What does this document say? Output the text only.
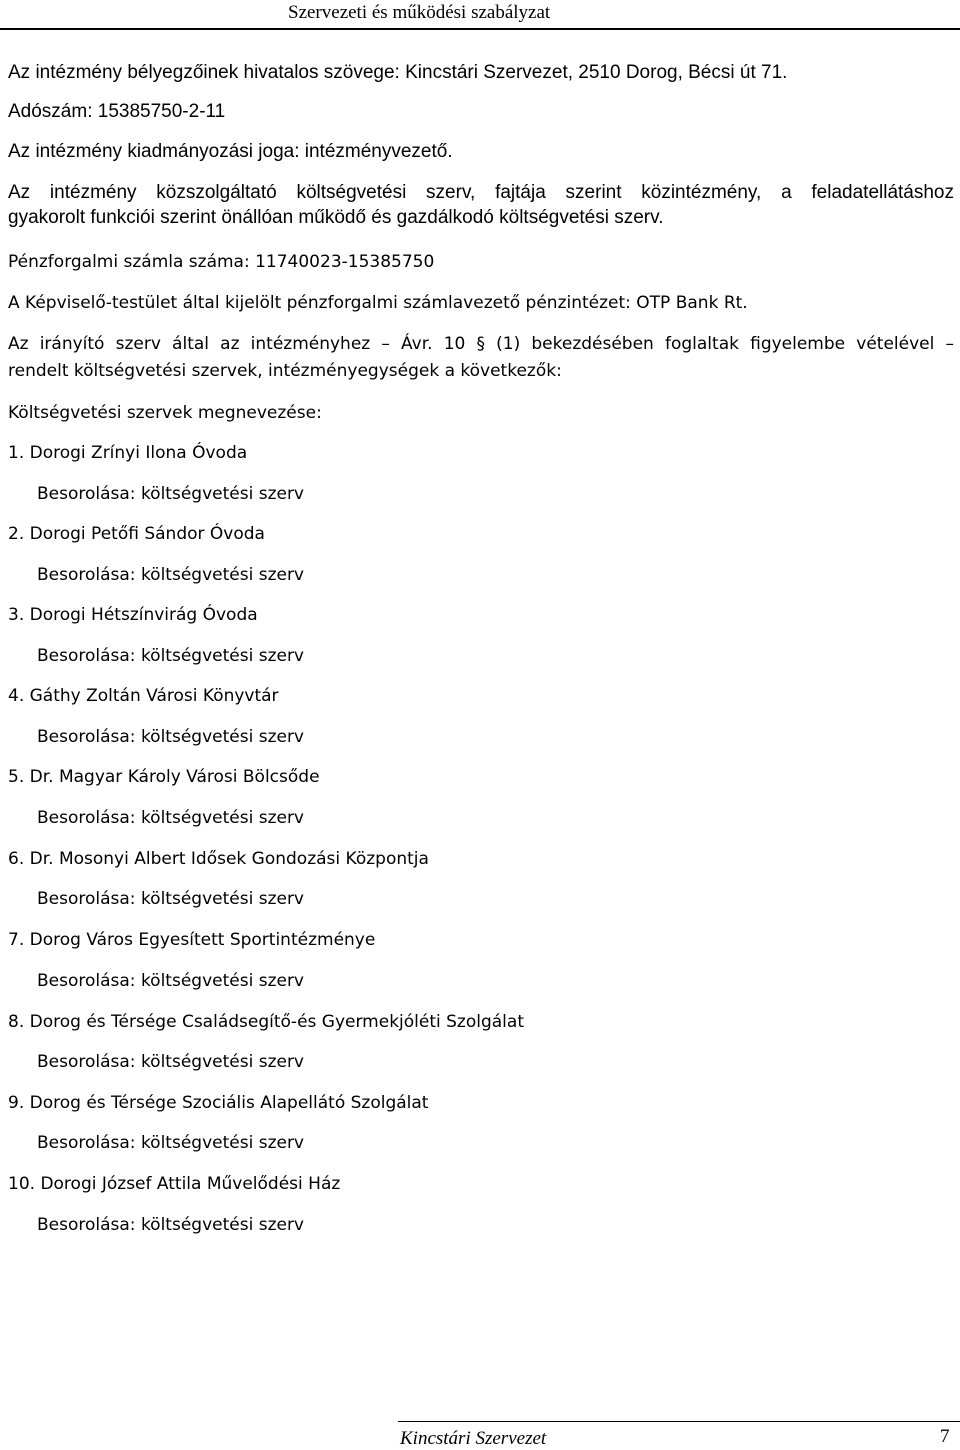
Szervezeti és működési szabályzat
Az intézmény bélyegzőinek hivatalos szövege: Kincstári Szervezet, 2510 Dorog, Bécsi út 71.
Adószám: 15385750-2-11
Az intézmény kiadmányozási joga: intézményvezető.
Az intézmény közszolgáltató költségvetési szerv, fajtája szerint közintézmény, a feladatellátáshoz
gyakorolt funkciói szerint önállóan működő és gazdálkodó költségvetési szerv.
Pénzforgalmi számla száma: 11740023-15385750
A Képviselő-testület által kijelölt pénzforgalmi számlavezető pénzintézet: OTP Bank Rt.
Az irányító szerv által az intézményhez – Ávr. 10 § (1) bekezdésében foglaltak figyelembe vételével –
rendelt költségvetési szervek, intézményegységek a következők:
Költségvetési szervek megnevezése:
1. Dorogi Zrínyi Ilona Óvoda
Besorolása: költségvetési szerv
2. Dorogi Petőfi Sándor Óvoda
Besorolása: költségvetési szerv
3. Dorogi Hétszínvirág Óvoda
Besorolása: költségvetési szerv
4. Gáthy Zoltán Városi Könyvtár
Besorolása: költségvetési szerv
5. Dr. Magyar Károly Városi Bölcsőde
Besorolása: költségvetési szerv
6. Dr. Mosonyi Albert Idősek Gondozási Központja
Besorolása: költségvetési szerv
7. Dorog Város Egyesített Sportintézménye
Besorolása: költségvetési szerv
8. Dorog és Térsége Családsegítő-és Gyermekjóléti Szolgálat
Besorolása: költségvetési szerv
9. Dorog és Térsége Szociális Alapellátó Szolgálat
Besorolása: költségvetési szerv
10. Dorogi József Attila Művelődési Ház
Besorolása: költségvetési szerv
Kincstári Szervezet	7
